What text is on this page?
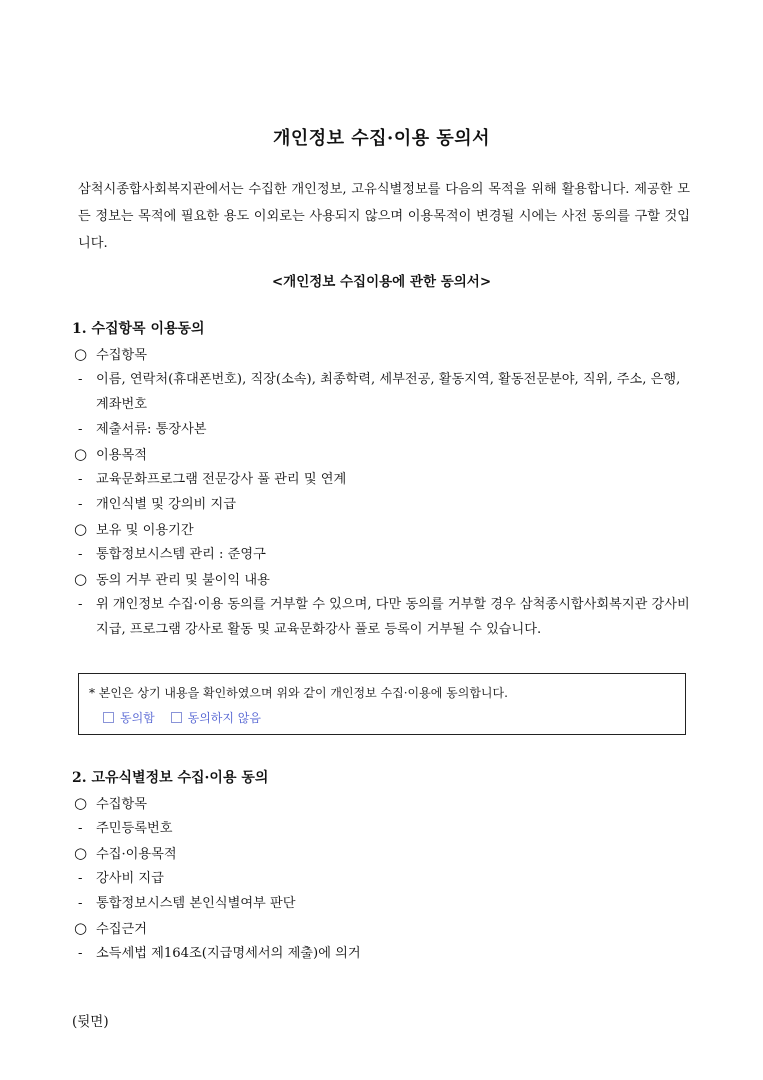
개인정보 수집·이용 동의서
삼척시종합사회복지관에서는 수집한 개인정보, 고유식별정보를 다음의 목적을 위해 활용합니다. 제공한 모든 정보는 목적에 필요한 용도 이외로는 사용되지 않으며 이용목적이 변경될 시에는 사전 동의를 구할 것입니다.
<개인정보 수집이용에 관한 동의서>
1. 수집항목 이용동의
○ 수집항목
-	이름, 연락처(휴대폰번호), 직장(소속), 최종학력, 세부전공, 활동지역, 활동전문분야, 직위, 주소, 은행, 계좌번호
-	제출서류: 통장사본
○ 이용목적
-	교육문화프로그램 전문강사 풀 관리 및 연계
-	개인식별 및 강의비 지급
○ 보유 및 이용기간
-	통합정보시스템 관리 : 준영구
○ 동의 거부 관리 및 불이익 내용
-	위 개인정보 수집·이용 동의를 거부할 수 있으며, 다만 동의를 거부할 경우 삼척종시합사회복지관 강사비 지급, 프로그램 강사로 활동 및 교육문화강사 풀로 등록이 거부될 수 있습니다.
* 본인은 상기 내용을 확인하였으며 위와 같이 개인정보 수집·이용에 동의합니다.
동의함	동의하지 않음
2. 고유식별정보 수집·이용 동의
○ 수집항목
-	주민등록번호
○ 수집·이용목적
-	강사비 지급
-	통합정보시스템 본인식별여부 판단
○ 수집근거
-	소득세법 제164조(지급명세서의 제출)에 의거
(뒷면)
